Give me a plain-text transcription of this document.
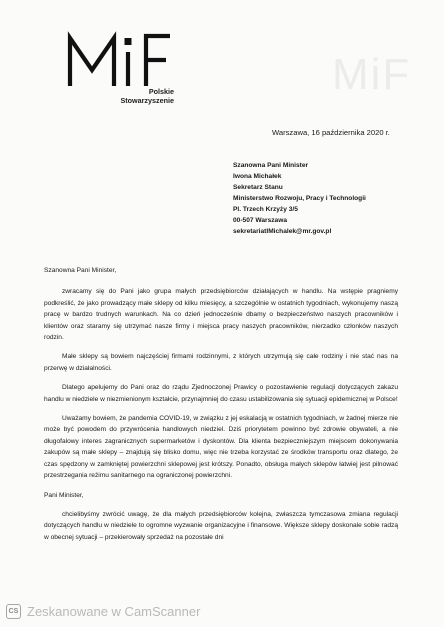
MiF
Polskie
Stowarzyszenie
Warszawa, 16 października 2020 r.
Szanowna Pani Minister
Iwona Michałek
Sekretarz Stanu
Ministerstwo Rozwoju, Pracy i Technologii
Pl. Trzech Krzyży 3/5
00-507 Warszawa
sekretariatIMichalek@mr.gov.pl

Szanowna Pani Minister,

zwracamy się do Pani jako grupa małych przedsiębiorców działających w handlu. Na wstępie pragniemy podkreślić, że jako prowadzący małe sklepy od kilku miesięcy, a szczególnie w ostatnich tygodniach, wykonujemy naszą pracę w bardzo trudnych warunkach. Na co dzień jednocześnie dbamy o bezpieczeństwo naszych pracowników i klientów oraz staramy się utrzymać nasze firmy i miejsca pracy naszych pracowników, nierzadko członków naszych rodzin.

Małe sklepy są bowiem najczęściej firmami rodzinnymi, z których utrzymują się całe rodziny i nie stać nas na przerwę w działalności.

Dlatego apelujemy do Pani oraz do rządu Zjednoczonej Prawicy o pozostawienie regulacji dotyczących zakazu handlu w niedziele w niezmienionym kształcie, przynajmniej do czasu ustabilizowania się sytuacji epidemicznej w Polsce!

Uważamy bowiem, że pandemia COVID-19, w związku z jej eskalacją w ostatnich tygodniach, w żadnej mierze nie może być powodem do przywrócenia handlowych niedziel. Dziś priorytetem powinno być zdrowie obywateli, a nie długofalowy interes zagranicznych supermarketów i dyskontów. Dla klienta bezpieczniejszym miejscem dokonywania zakupów są małe sklepy – znajdują się blisko domu, więc nie trzeba korzystać ze środków transportu oraz dlatego, że czas spędzony w zamkniętej powierzchni sklepowej jest krótszy. Ponadto, obsługa małych sklepów łatwiej jest pilnować przestrzegania reżimu sanitarnego na ograniczonej powierzchni.

Pani Minister,

chcielibyśmy zwrócić uwagę, że dla małych przedsiębiorców kolejna, zwłaszcza tymczasowa zmiana regulacji dotyczących handlu w niedziele to ogromne wyzwanie organizacyjne i finansowe. Większe sklepy doskonale sobie radzą w obecnej sytuacji – przekierowały sprzedaż na pozostałe dni

CS Zeskanowane w CamScanner
